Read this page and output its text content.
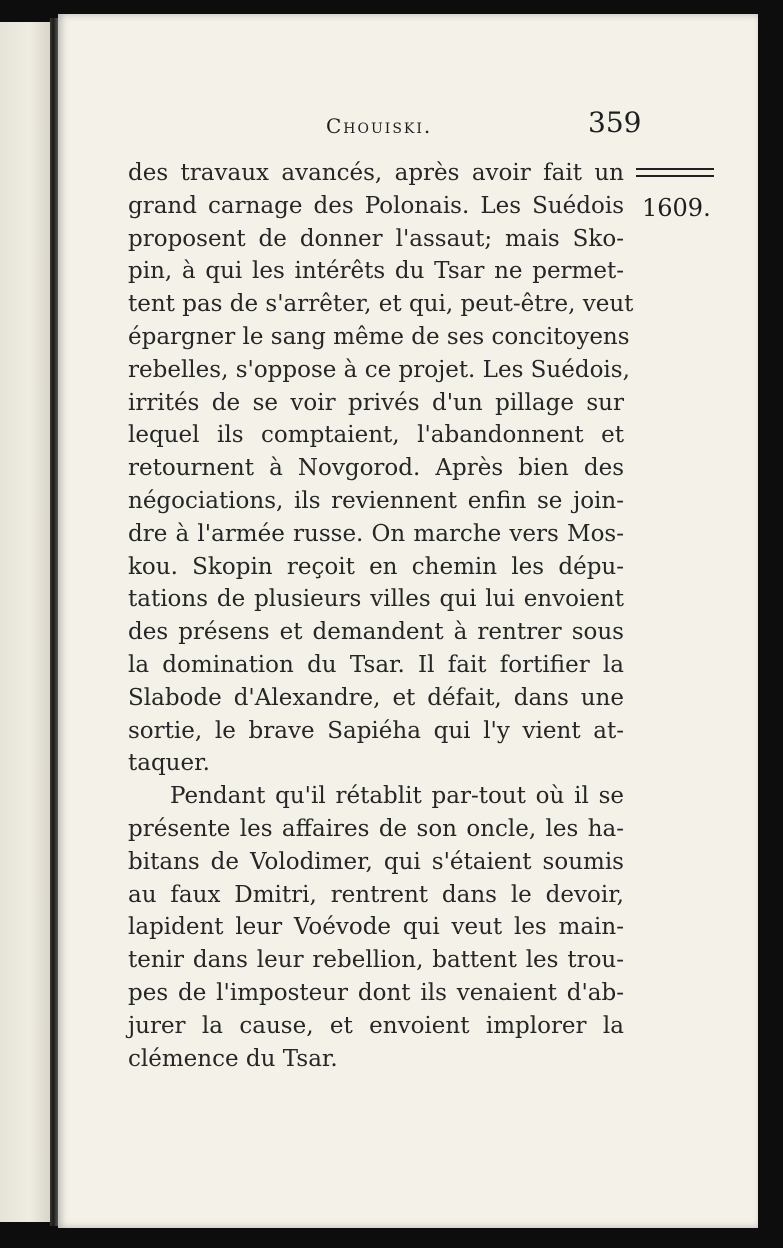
Chouiski.	359
1609.
des travaux avancés, après avoir fait un
grand carnage des Polonais. Les Suédois
proposent de donner l'assaut; mais Sko-
pin, à qui les intérêts du Tsar ne permet-
tent pas de s'arrêter, et qui, peut-être, veut
épargner le sang même de ses concitoyens
rebelles, s'oppose à ce projet. Les Suédois,
irrités de se voir privés d'un pillage sur
lequel ils comptaient, l'abandonnent et
retournent à Novgorod. Après bien des
négociations, ils reviennent enfin se join-
dre à l'armée russe. On marche vers Mos-
kou. Skopin reçoit en chemin les dépu-
tations de plusieurs villes qui lui envoient
des présens et demandent à rentrer sous
la domination du Tsar. Il fait fortifier la
Slabode d'Alexandre, et défait, dans une
sortie, le brave Sapiéha qui l'y vient at-
taquer.
Pendant qu'il rétablit par-tout où il se
présente les affaires de son oncle, les ha-
bitans de Volodimer, qui s'étaient soumis
au faux Dmitri, rentrent dans le devoir,
lapident leur Voévode qui veut les main-
tenir dans leur rebellion, battent les trou-
pes de l'imposteur dont ils venaient d'ab-
jurer la cause, et envoient implorer la
clémence du Tsar.
